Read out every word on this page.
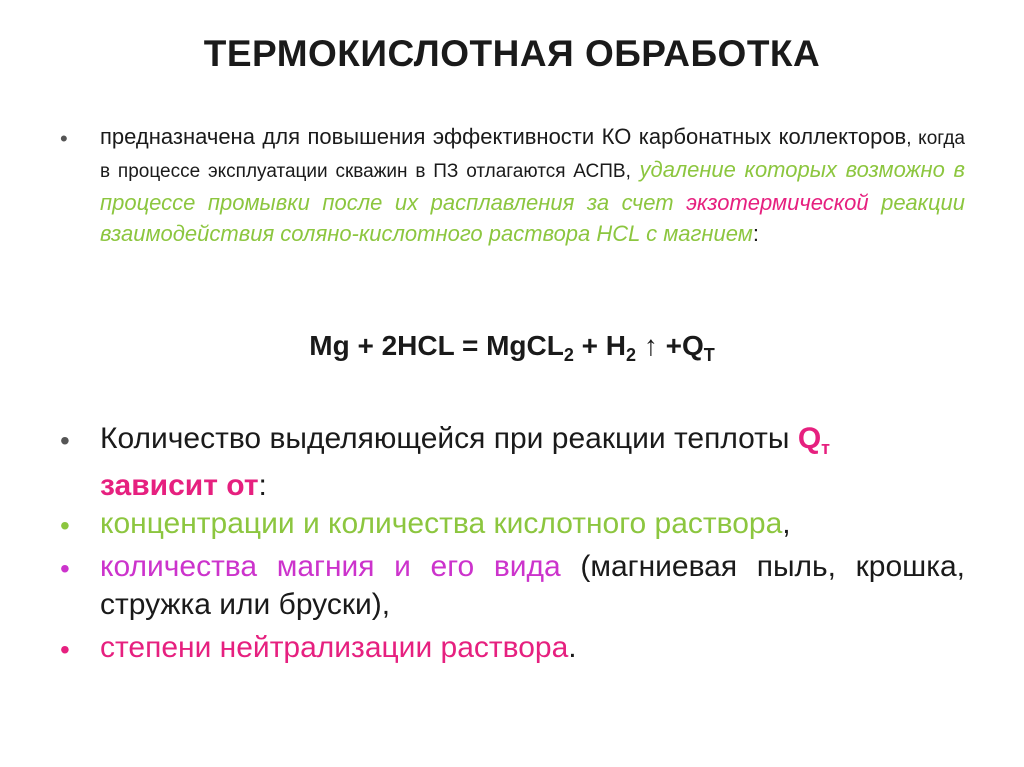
ТЕРМОКИСЛОТНАЯ ОБРАБОТКА
• предназначена для повышения эффективности КО карбонатных коллекторов, когда в процессе эксплуатации скважин в ПЗ отлагаются АСПВ, удаление которых возможно в процессе промывки после их расплавления за счет экзотермической реакции взаимодействия соляно-кислотного раствора HCL с магнием:
Mg + 2HCL = MgCL$_2$ + $H_2$ ↑ $+Q_T$
• Количество выделяющейся при реакции теплоты $Q_т$
зависит от:
• концентрации и количества кислотного раствора,
• количества магния и его вида (магниевая пыль, крошка, стружка или бруски),
• степени нейтрализации раствора.
